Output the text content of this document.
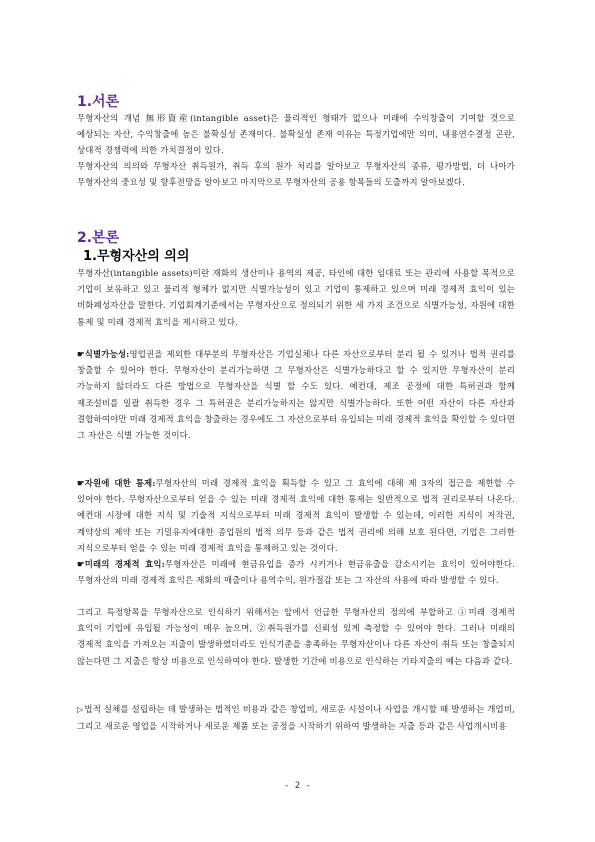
1.서론
무형자산의 개념 無形資産(intangible asset)은 물리적인 형태가 없으나 미래에 수익창출이 기여할 것으로 예상되는 자산, 수익창출에 높은 불확실성 존재이다. 불확실성 존재 이유는 특정기업에만 의미, 내용연수결정 곤란, 상대적 경쟁력에 의한 가치결정이 있다.
무형자산의 의의와 무형자산 취득원가, 취득 후의 원가 처리를 알아보고 무형자산의 종류, 평가방법, 더 나아가 무형자산의 중요성 및 향후전망을 알아보고 마지막으로 무형자산의 공용 항목들의 도출까지 알아보겠다.
2.본론
1.무형자산의 의의
무형자산(intangible assets)이란 재화의 생산이나 용역의 제공, 타인에 대한 임대료 또는 관리에 사용할 목적으로 기업이 보유하고 있고 물리적 형체가 없지만 식별가능성이 있고 기업이 통제하고 있으며 미래 경제적 효익이 있는 비화폐성자산을 말한다. 기업회계기준에서는 무형자산으로 정의되기 위한 세 가지 조건으로 식별가능성, 자원에 대한 통제 및 미래 경제적 효익을 제시하고 있다.
☛식별가능성:영업권을 제외한 대부분의 무형자산은 기업실체나 다른 자산으로부터 분리 될 수 있거나 법적 권리를 창출할 수 있어야 한다. 무형자산이 분리가능하면 그 무형자산은 식별가능하다고 할 수 있지만 무형자산이 분리 가능하지 않더라도 다른 방법으로 무형자산을 식별 할 수도 있다. 예컨대, 제조 공정에 대한 특허권과 함께 제조설비를 일괄 취득한 경우 그 특허권은 분리가능하지는 않지만 식별가능하다. 또한 어떤 자산이 다른 자산과 결합하여야만 미래 경제적 효익을 창출하는 경우에도 그 자산으로부터 유입되는 미래 경제적 효익을 확인할 수 있다면 그 자산은 식별 가능한 것이다.
☛자원에 대한 통제:무형자산의 미래 경제적 효익을 획득할 수 있고 그 효익에 대해 제 3자의 접근을 제한할 수 있어야 한다. 무형자산으로부터 얻을 수 있는 미래 경제적 효익에 대한 통제는 일반적으로 법적 권리로부터 나온다. 예컨대 시장에 대한 지식 및 기술적 지식으로부터 미래 경제적 효익이 발생할 수 있는데, 이러한 지식이 저작권, 계약상의 제약 또는 기밀유지에대한 종업원의 법적 의무 등과 같은 법적 권리에 의해 보호 된다면, 기업은 그러한 지식으로부터 얻을 수 있는 미래 경제적 효익을 통제하고 있는 것이다.
☛미래의 경제적 효익:무형자산은 미래에 현금유입을 증가 시키거나 현금유출을 감소시키는 효익이 있어야한다. 무형자산의 미래 경제적 효익은 제화의 매출이나 용역수익, 원가절감 또는 그 자산의 사용에 따라 발생할 수 있다.
그리고 특정항목을 무형자산으로 인식하기 위해서는 앞에서 언급한 무형자산의 정의에 부합하고 ①미래 경제적 효익이 기업에 유입될 가능성이 매우 높으며, ②취득원가를 신뢰성 있게 측정할 수 있어야 한다. 그러나 미래의 경제적 효익을 가져오는 지출이 발생하였더라도 인식기준을 충족하는 무형자산이나 다른 자산이 취득 또는 창출되지 않는다면 그 지출은 항상 비용으로 인식하여야 한다. 발생한 기간에 비용으로 인식하는 기타지출의 예는 다음과 같다.
▷법적 실체를 설립하는 데 발생하는 법적인 비용과 같은 창업비, 새로운 시설이나 사업을 개시할 때 발생하는 개업비, 그리고 새로운 영업을 시작하거나 새로운 제품 또는 공정을 시작하기 위하여 발생하는 지출 등과 같은 사업개시비용
- 2 -
